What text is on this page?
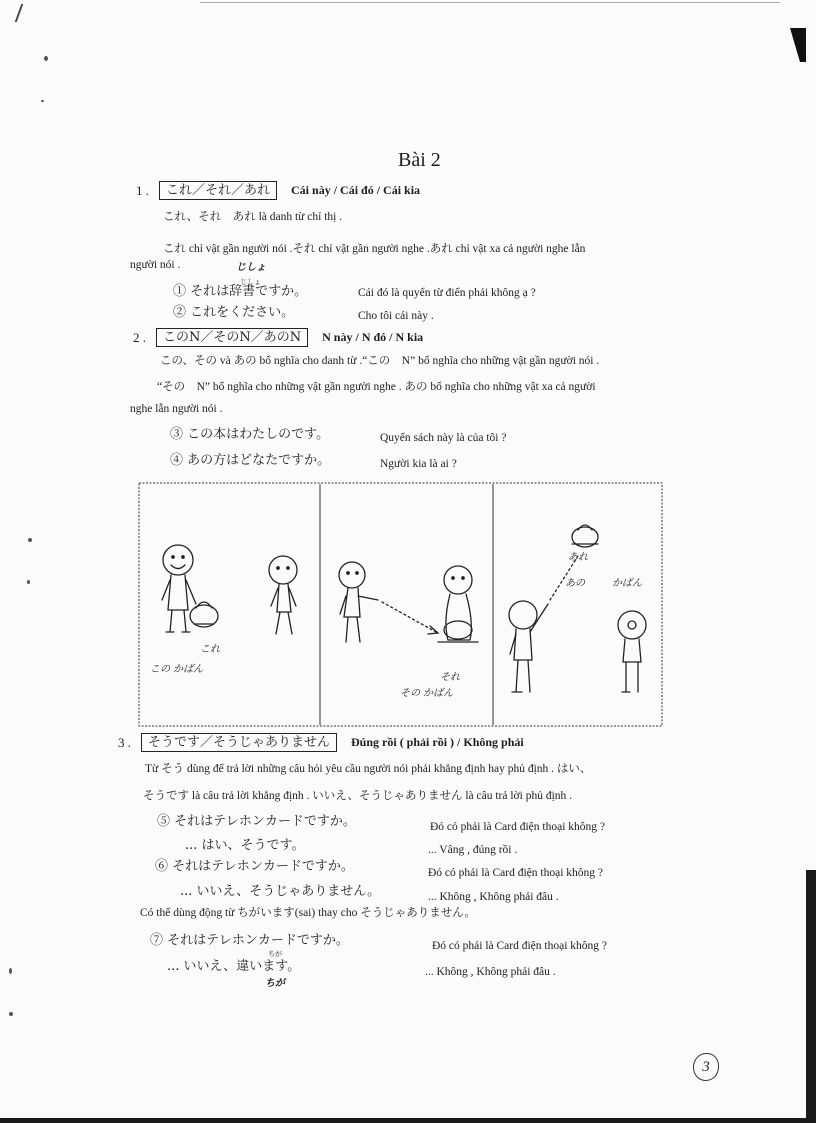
Bài 2
1 .	これ／それ／あれ	Cái này / Cái đó / Cái kia
これ、それ　あれ là danh từ chỉ thị .
これ chỉ vật gần người nói .それ chỉ vật gần người nghe .あれ chỉ vật xa cả người nghe lẫn
người nói .	じしょ
じしょ
① それは辞書ですか。	Cái đó là quyển từ điển phải không ạ ?
② これをください。	Cho tôi cái này .
2 .	このN／そのN／あのN	N này / N đó / N kia
この、その và あの bổ nghĩa cho danh từ .“この　N” bổ nghĩa cho những vật gần người nói .
“その　N” bổ nghĩa cho những vật gần người nghe . あの bổ nghĩa cho những vật xa cả người
nghe lẫn người nói .
③ この本はわたしのです。	Quyển sách này là của tôi ?
④ あの方はどなたですか。	Người kia là ai ?
これ
この かばん
それ
その かばん
あれ
あの	かばん
3 .	そうです／そうじゃありません	Đúng rồi ( phải rồi ) / Không phải
Từ そう dùng để trả lời những câu hỏi yêu cầu người nói phải khẳng định hay phủ định . はい、
そうです là câu trả lời khẳng định . いいえ、そうじゃありません là câu trả lời phủ định .
⑤ それはテレホンカードですか。	Đó có phải là Card điện thoại không ?
... はい、そうです。	... Vâng , đúng rồi .
⑥ それはテレホンカードですか。	Đó có phải là Card điện thoại không ?
... いいえ、そうじゃありません。	... Không , Không phải đâu .
Có thể dùng động từ ちがいます(sai) thay cho そうじゃありません。
ちが
⑦ それはテレホンカードですか。	Đó có phải là Card điện thoại không ?
... いいえ、違います。	... Không , Không phải đâu .
ちが
3
